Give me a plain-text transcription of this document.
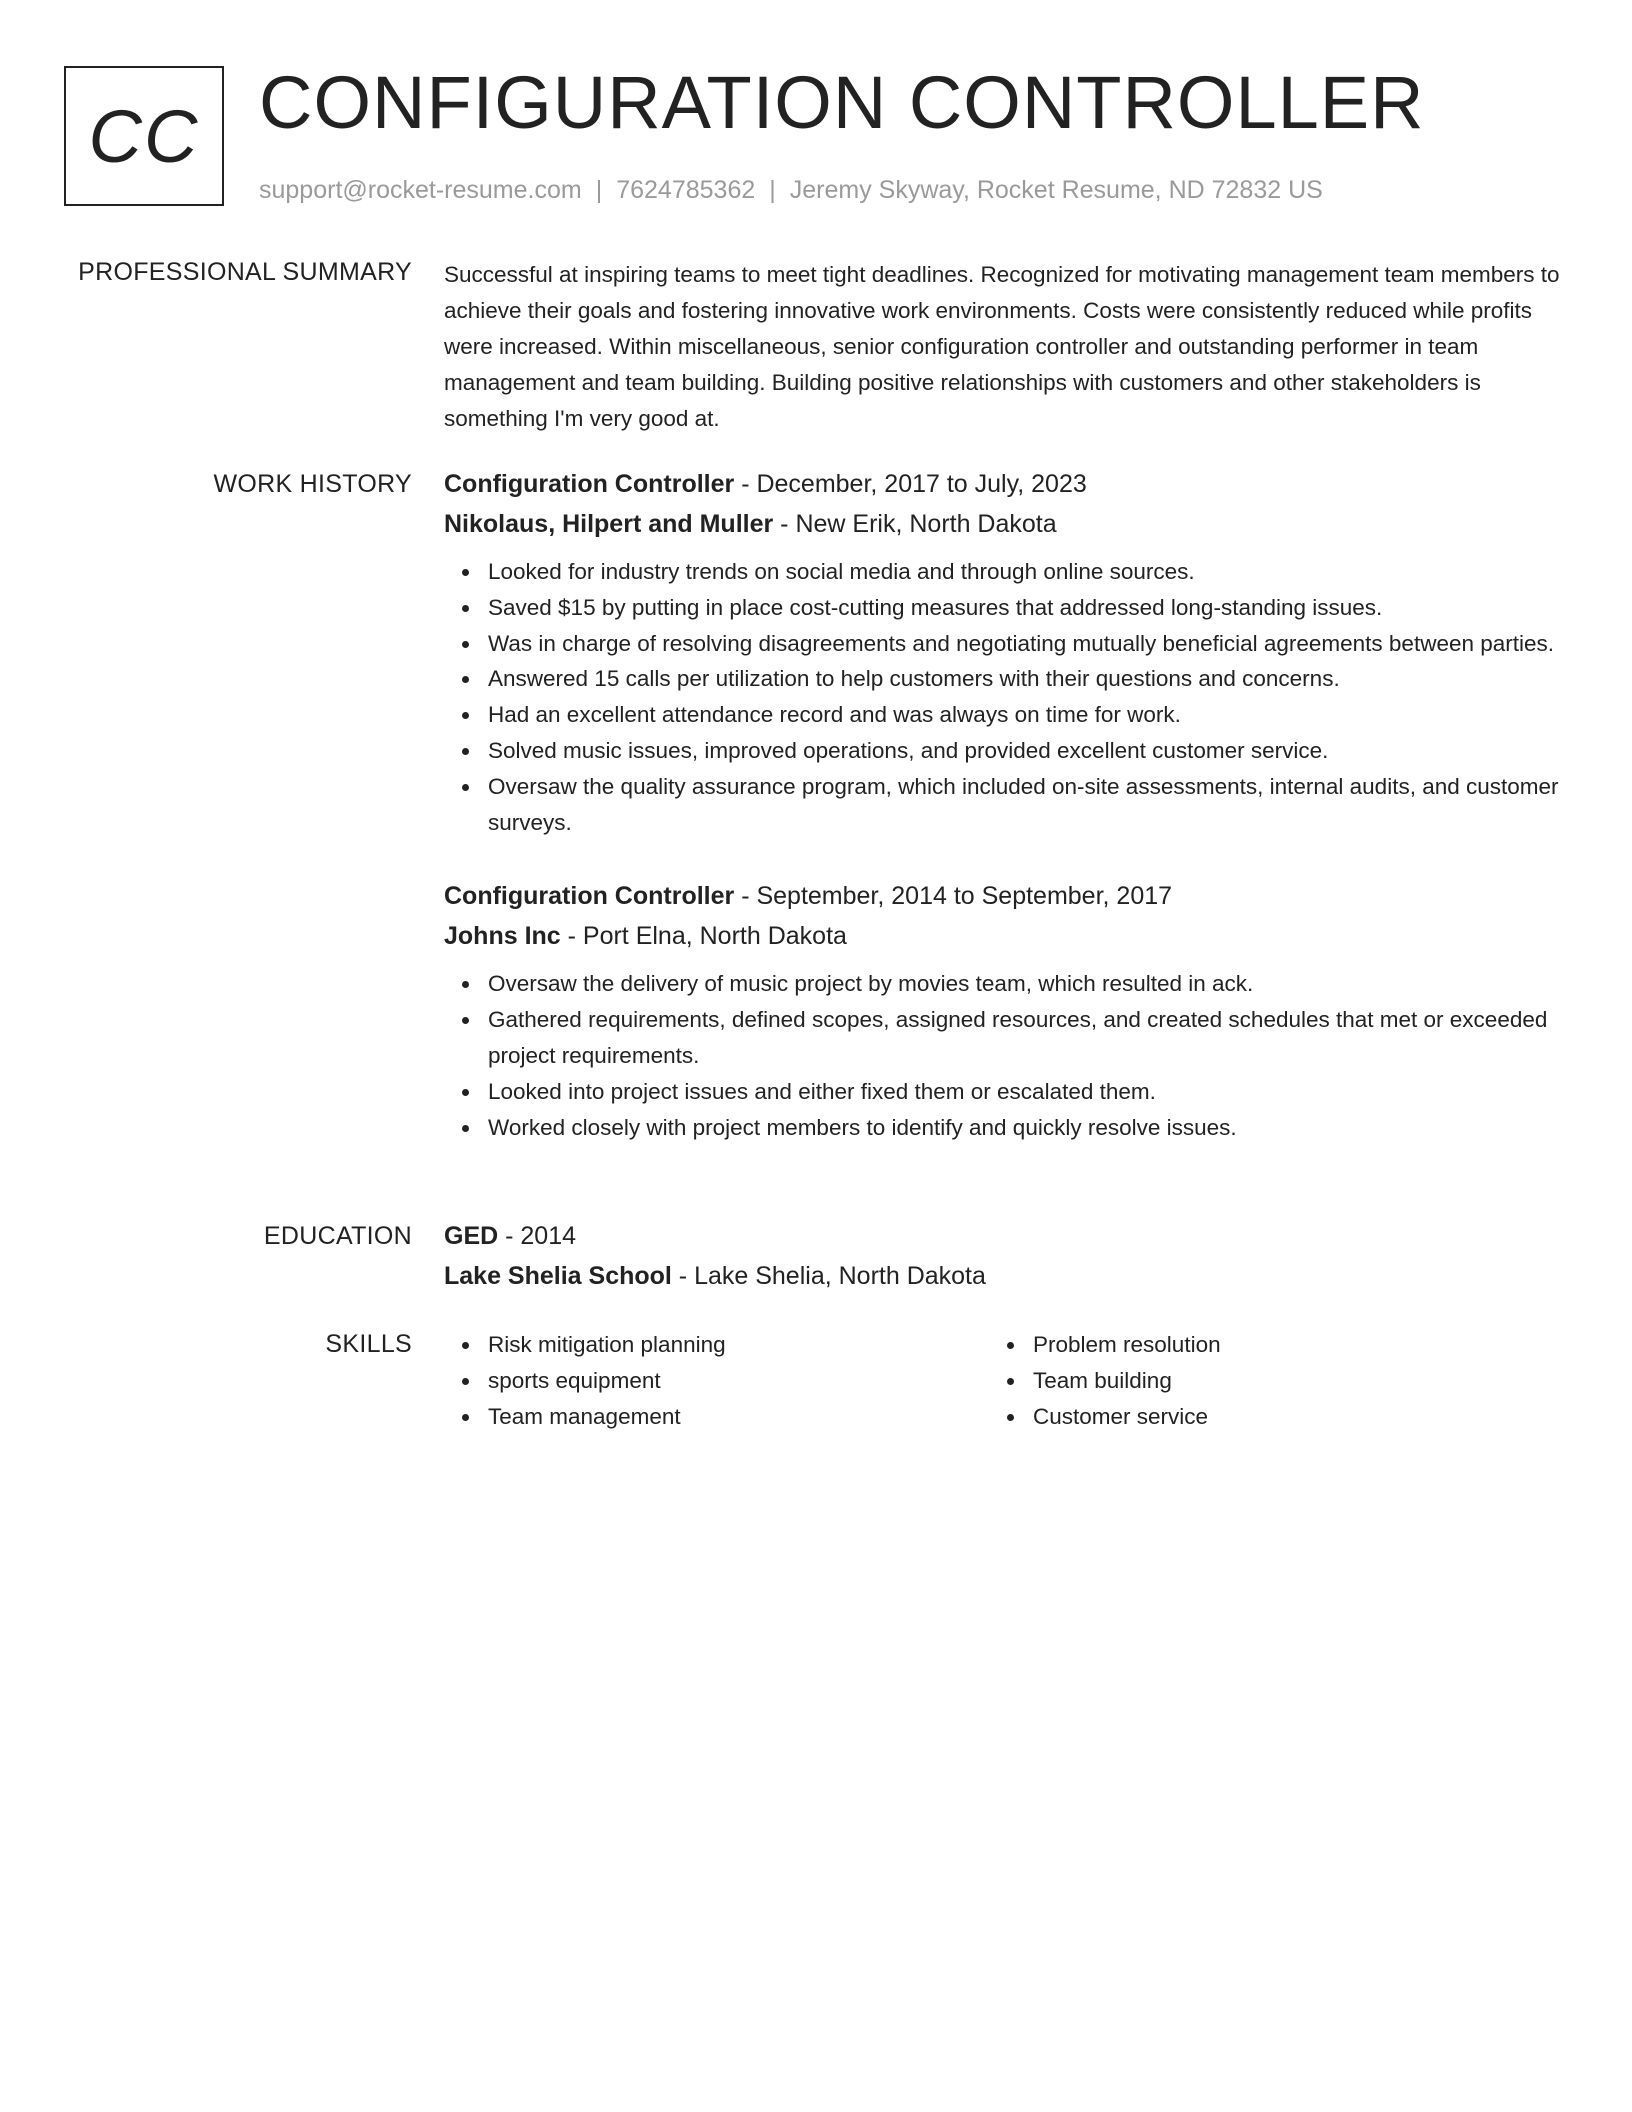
CC CONFIGURATION CONTROLLER
support@rocket-resume.com | 7624785362 | Jeremy Skyway, Rocket Resume, ND 72832 US
PROFESSIONAL SUMMARY Successful at inspiring teams to meet tight deadlines. Recognized for motivating management team members to achieve their goals and fostering innovative work environments. Costs were consistently reduced while profits were increased. Within miscellaneous, senior configuration controller and outstanding performer in team management and team building. Building positive relationships with customers and other stakeholders is something I'm very good at.
WORK HISTORY Configuration Controller - December, 2017 to July, 2023
Nikolaus, Hilpert and Muller - New Erik, North Dakota
Looked for industry trends on social media and through online sources.
Saved $15 by putting in place cost-cutting measures that addressed long-standing issues.
Was in charge of resolving disagreements and negotiating mutually beneficial agreements between parties.
Answered 15 calls per utilization to help customers with their questions and concerns.
Had an excellent attendance record and was always on time for work.
Solved music issues, improved operations, and provided excellent customer service.
Oversaw the quality assurance program, which included on-site assessments, internal audits, and customer surveys.
Configuration Controller - September, 2014 to September, 2017
Johns Inc - Port Elna, North Dakota
Oversaw the delivery of music project by movies team, which resulted in ack.
Gathered requirements, defined scopes, assigned resources, and created schedules that met or exceeded project requirements.
Looked into project issues and either fixed them or escalated them.
Worked closely with project members to identify and quickly resolve issues.
EDUCATION GED - 2014
Lake Shelia School - Lake Shelia, North Dakota
SKILLS	Risk mitigation planning
sports equipment
Team management
Problem resolution
Team building
Customer service
